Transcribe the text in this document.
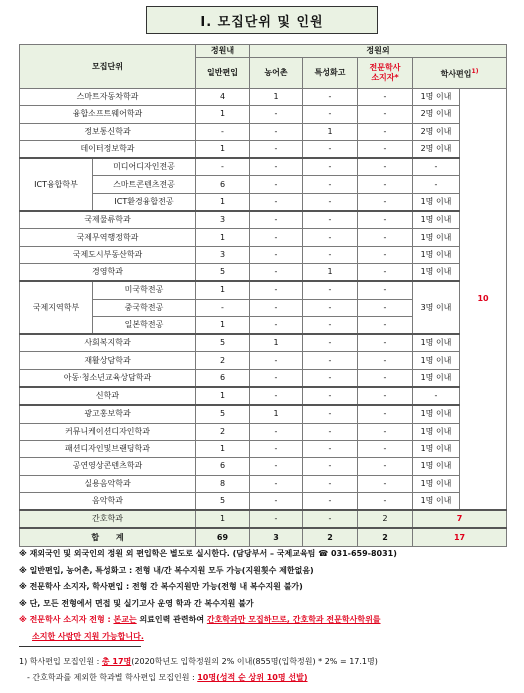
Ⅰ. 모집단위 및 인원
모집단위		정원내	정원외				
		일반편입	농어촌	특성화고	전문학사
소지자*	학사편입$^{1)}$
스마트자동차학과		4	1	-	-	1명 이내	10
융합소프트웨어학과		1	-	-	-	2명 이내	
정보통신학과		-	-	1	-	2명 이내	
데이터정보학과		1	-	-	-	2명 이내	
ICT융합학부	미디어디자인전공	-	-	-	-	-	
	스마트콘텐츠전공	6	-	-	-	-	
	ICT환경융합전공	1	-	-	-	1명 이내	
국제물류학과		3	-	-	-	1명 이내	
국제무역행정학과		1	-	-	-	1명 이내	
국제도시부동산학과		3	-	-	-	1명 이내	
경영학과		5	-	1	-	1명 이내	
국제지역학부	미국학전공	1	-	-	-	3명 이내	
	중국학전공	-	-	-	-		
	일본학전공	1	-	-	-		
사회복지학과		5	1	-	-	1명 이내	
재활상담학과		2	-	-	-	1명 이내	
아동·청소년교육상담학과		6	-	-	-	1명 이내	
신학과		1	-	-	-	-	
광고홍보학과		5	1	-	-	1명 이내	
커뮤니케이션디자인학과		2	-	-	-	1명 이내	
패션디자인및브랜딩학과		1	-	-	-	1명 이내	
공연영상콘텐츠학과		6	-	-	-	1명 이내	
실용음악학과		8	-	-	-	1명 이내	
음악학과		5	-	-	-	1명 이내	
간호학과		1	-	-	2	7	
합      계		69	3	2	2	17	

※ 재외국인 및 외국인의 정원 외 편입학은 별도로 실시한다. (담당부서 – 국제교육팀 ☎ 031-659-8031)

※ 일반편입, 농어촌, 특성화고 : 전형 내/간 복수지원 모두 가능(지원횟수 제한없음)

※ 전문학사 소지자, 학사편입 : 전형 간 복수지원만 가능(전형 내 복수지원 불가)

※ 단, 모든 전형에서 면접 및 실기고사 운영 학과 간 복수지원 불가

※ 전문학사 소지자 전형 : 본교는 의료인력 관련하여 간호학과만 모집하므로, 간호학과 전문학사학위를

소지한 사람만 지원 가능합니다.

1) 학사편입 모집인원 : 총 17명(2020학년도 입학정원의 2% 이내(855명(입학정원) * 2% = 17.1명)

- 간호학과를 제외한 학과별 학사편입 모집인원 : 10명(성적 순 상위 10명 선발)
